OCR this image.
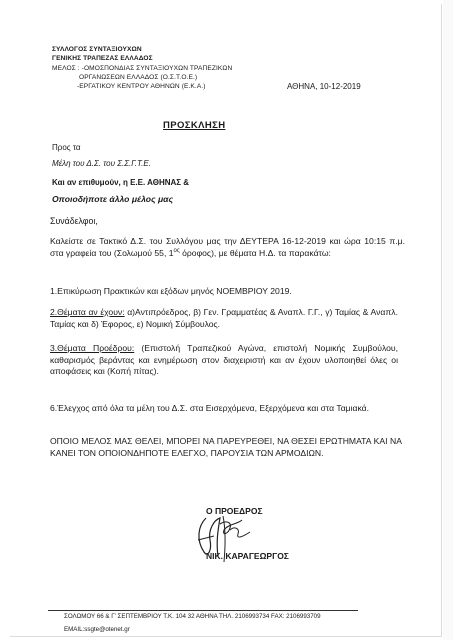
ΣΥΛΛΟΓΟΣ ΣΥΝΤΑΞΙΟΥΧΩΝ
ΓΕΝΙΚΗΣ ΤΡΑΠΕΖΑΣ ΕΛΛΑΔΟΣ
ΜΕΛΟΣ : -ΟΜΟΣΠΟΝΔΙΑΣ ΣΥΝΤΑΞΙΟΥΧΩΝ ΤΡΑΠΕΖΙΚΩΝ
ΟΡΓΑΝΩΣΕΩΝ ΕΛΛΑΔΟΣ (Ο.Σ.Τ.Ο.Ε.)
-ΕΡΓΑΤΙΚΟΥ ΚΕΝΤΡΟΥ ΑΘΗΝΩΝ (Ε.Κ.Α.)	ΑΘΗΝΑ, 10-12-2019
ΠΡΟΣΚΛΗΣΗ
Προς τα
Μέλη του Δ.Σ. του Σ.Σ.Γ.Τ.Ε.
Και αν επιθυμούν, η Ε.Ε. ΑΘΗΝΑΣ &
Οποιοδήποτε άλλο μέλος μας
Συνάδελφοι,
Καλείστε σε Τακτικό Δ.Σ. του Συλλόγου μας την ΔΕΥΤΕΡΑ 16-12-2019 και ώρα 10:15 π.μ. στα γραφεία του (Σολωμού 55, $1^{o\varsigma}$ όροφος), με θέματα Η.Δ. τα παρακάτω:
1.Επικύρωση Πρακτικών και εξόδων μηνός ΝΟΕΜΒΡΙΟΥ 2019.
2.Θέματα αν έχουν: α)Αντιπρόεδρος, β) Γεν. Γραμματέας & Αναπλ. Γ.Γ., γ) Ταμίας & Αναπλ. Ταμίας και δ) Έφορος, ε) Νομική Σύμβουλος.
3.Θέματα Προέδρου: (Επιστολή Τραπεζικού Αγώνα, επιστολή Νομικής Συμβούλου, καθαρισμός βεράντας και ενημέρωση στον διαχειριστή και αν έχουν υλοποιηθεί όλες οι αποφάσεις και (Κοπή πίτας).
6.Έλεγχος από όλα τα μέλη του Δ.Σ. στα Εισερχόμενα, Εξερχόμενα και στα Ταμιακά.
ΟΠΟΙΟ ΜΕΛΟΣ ΜΑΣ ΘΕΛΕΙ, ΜΠΟΡΕΙ ΝΑ ΠΑΡΕΥΡΕΘΕΙ, ΝΑ ΘΕΣΕΙ ΕΡΩΤΗΜΑΤΑ ΚΑΙ ΝΑ ΚΑΝΕΙ ΤΟΝ ΟΠΟΙΟΝΔΗΠΟΤΕ ΕΛΕΓΧΟ, ΠΑΡΟΥΣΙΑ ΤΩΝ ΑΡΜΟΔΙΩΝ.
Ο ΠΡΟΕΔΡΟΣ
ΝΙΚ. ΚΑΡΑΓΕΩΡΓΟΣ
ΣΟΛΩΜΟΥ 66 & Γ' ΣΕΠΤΕΜΒΡΙΟΥ Τ.Κ. 104 32 ΑΘΗΝΑ ΤΗΛ. 2106993734 FAX: 2106993709
EMAIL:ssgte@otenet.gr
